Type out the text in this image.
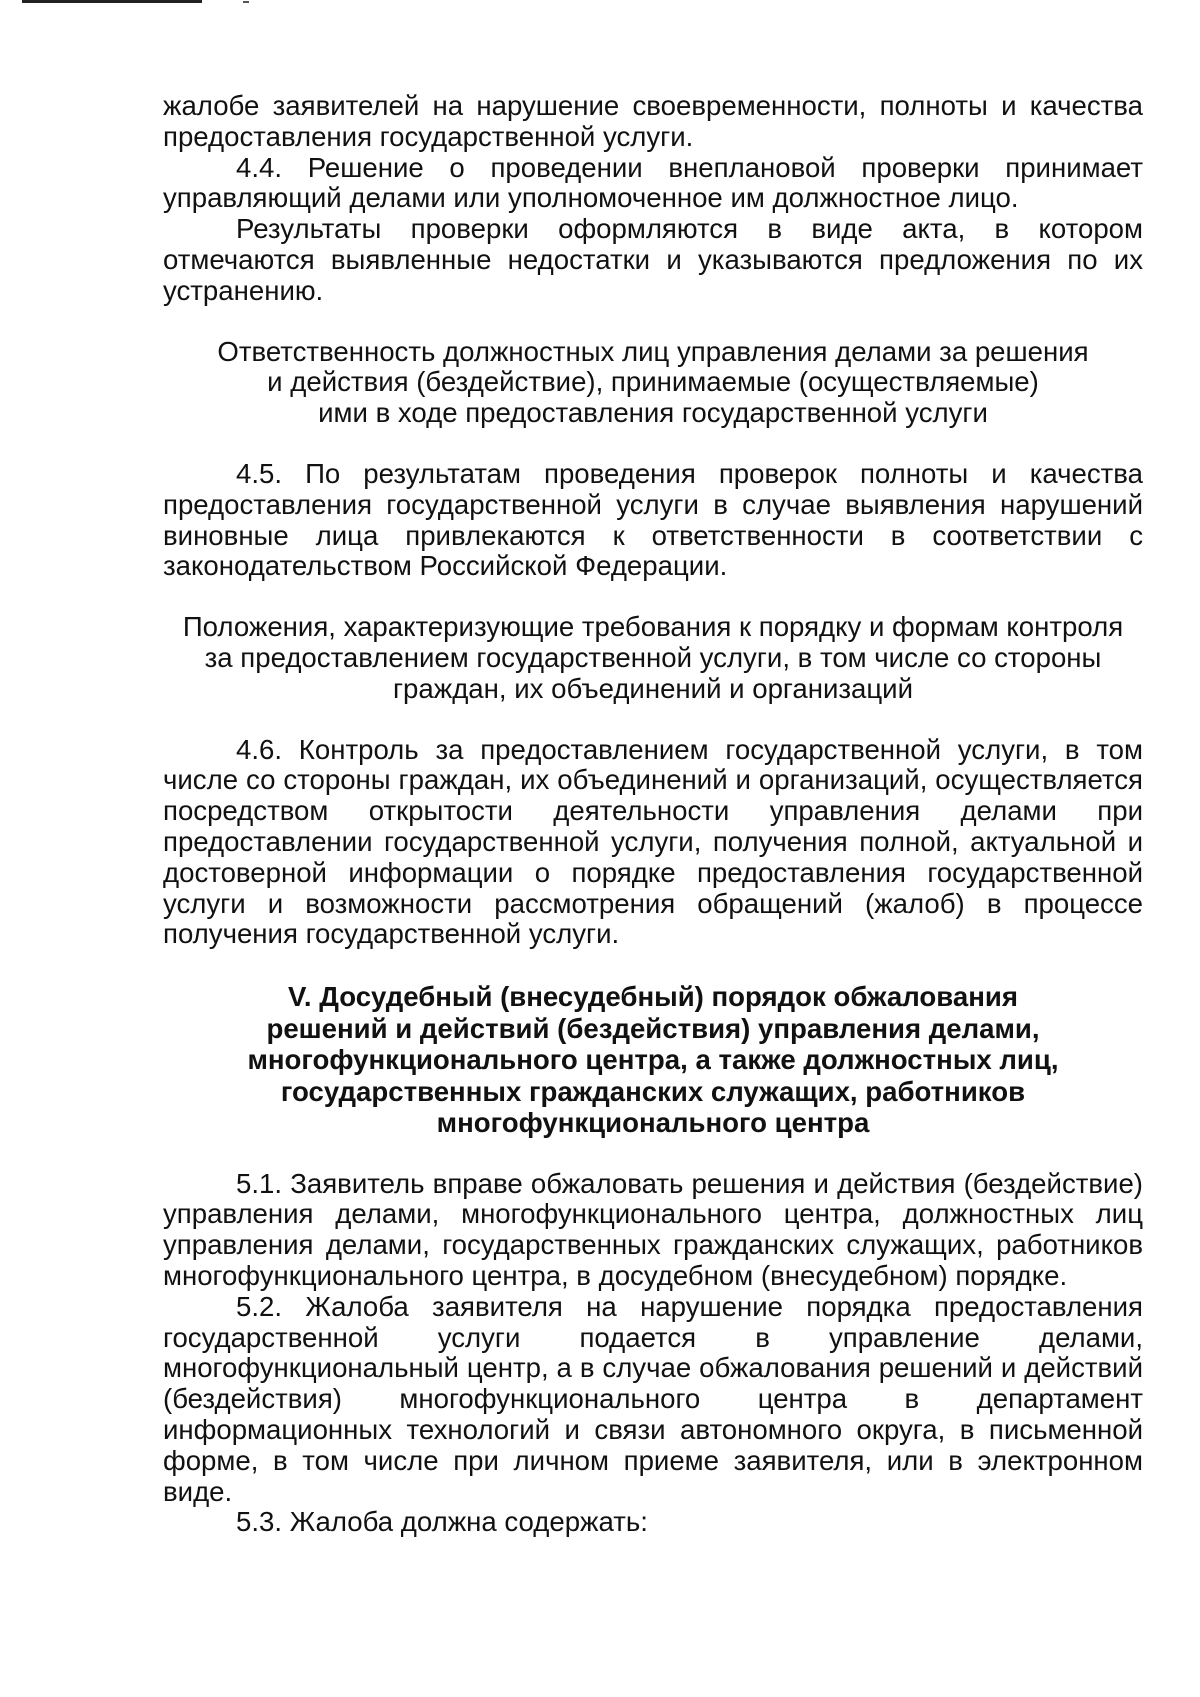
жалобе заявителей на нарушение своевременности, полноты и качества предоставления государственной услуги.

4.4. Решение о проведении внеплановой проверки принимает управляющий делами или уполномоченное им должностное лицо.

Результаты проверки оформляются в виде акта, в котором отмечаются выявленные недостатки и указываются предложения по их устранению.

Ответственность должностных лиц управления делами за решения
и действия (бездействие), принимаемые (осуществляемые)
ими в ходе предоставления государственной услуги

4.5. По результатам проведения проверок полноты и качества предоставления государственной услуги в случае выявления нарушений виновные лица привлекаются к ответственности в соответствии с законодательством Российской Федерации.

Положения, характеризующие требования к порядку и формам контроля
за предоставлением государственной услуги, в том числе со стороны
граждан, их объединений и организаций

4.6. Контроль за предоставлением государственной услуги, в том числе со стороны граждан, их объединений и организаций, осуществляется посредством открытости деятельности управления делами при предоставлении государственной услуги, получения полной, актуальной и достоверной информации о порядке предоставления государственной услуги и возможности рассмотрения обращений (жалоб) в процессе получения государственной услуги.

V. Досудебный (внесудебный) порядок обжалования
решений и действий (бездействия) управления делами,
многофункционального центра, а также должностных лиц,
государственных гражданских служащих, работников
многофункционального центра

5.1. Заявитель вправе обжаловать решения и действия (бездействие) управления делами, многофункционального центра, должностных лиц управления делами, государственных гражданских служащих, работников многофункционального центра, в досудебном (внесудебном) порядке.

5.2. Жалоба заявителя на нарушение порядка предоставления государственной услуги подается в управление делами, многофункциональный центр, а в случае обжалования решений и действий (бездействия) многофункционального центра в департамент информационных технологий и связи автономного округа, в письменной форме, в том числе при личном приеме заявителя, или в электронном виде.

5.3. Жалоба должна содержать:
